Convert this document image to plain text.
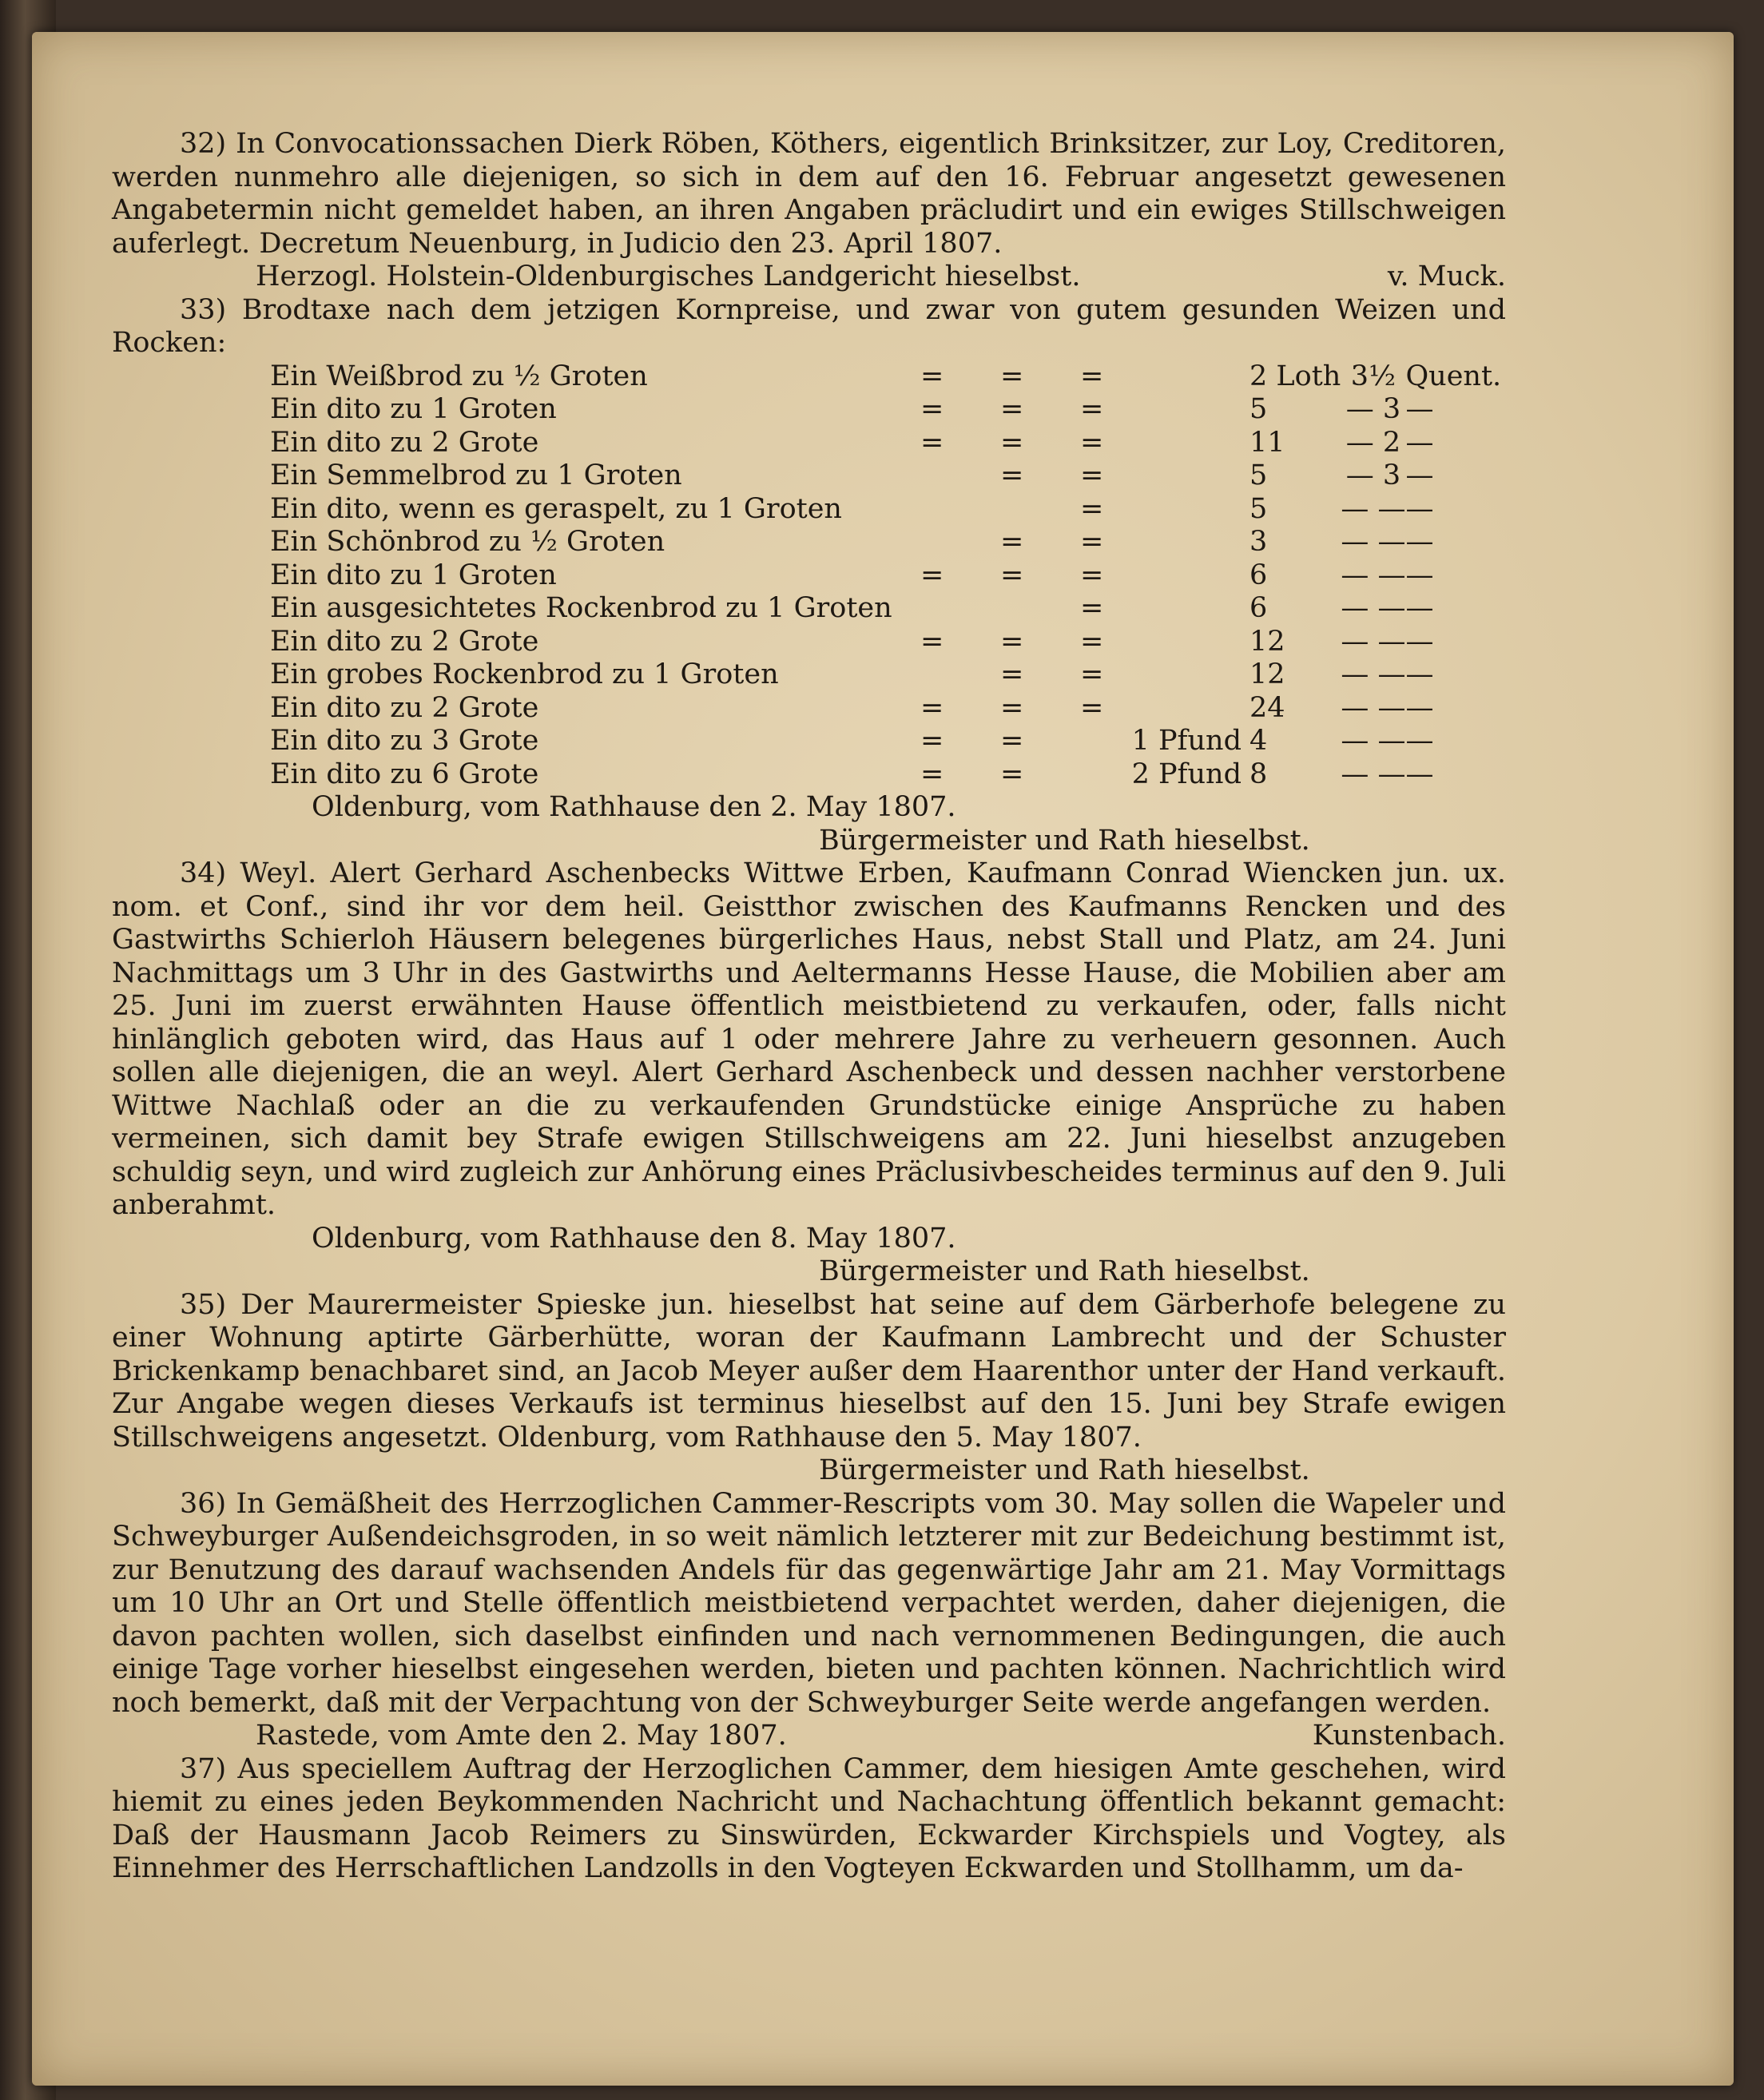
32) In Convocationssachen Dierk Röben, Köthers, eigentlich Brinksitzer, zur Loy, Creditoren, werden nunmehro alle diejenigen, so sich in dem auf den 16. Februar angesetzt gewesenen Angabetermin nicht gemeldet haben, an ihren Angaben präcludirt und ein ewiges Stillschweigen auferlegt. Decretum Neuenburg, in Judicio den 23. April 1807.

Herzogl. Holstein-Oldenburgisches Landgericht hieselbst.	v. Muck.

33) Brodtaxe nach dem jetzigen Kornpreise, und zwar von gutem gesunden Weizen und Rocken:

Ein Weißbrod zu ½ Groten	=	=	=		2 Loth	3½	Quent.
Ein dito zu 1 Groten	=	=	=		5	— 3	—
Ein dito zu 2 Grote	=	=	=		11	— 2	—
Ein Semmelbrod zu 1 Groten		=	=		5	— 3	—
Ein dito, wenn es geraspelt, zu 1 Groten			=		5	— —	—
Ein Schönbrod zu ½ Groten		=	=		3	— —	—
Ein dito zu 1 Groten	=	=	=		6	— —	—
Ein ausgesichtetes Rockenbrod zu 1 Groten			=		6	— —	—
Ein dito zu 2 Grote	=	=	=		12	— —	—
Ein grobes Rockenbrod zu 1 Groten		=	=		12	— —	—
Ein dito zu 2 Grote	=	=	=		24	— —	—
Ein dito zu 3 Grote	=	=		1 Pfund	4	— —	—
Ein dito zu 6 Grote	=	=		2 Pfund	8	— —	—
Oldenburg, vom Rathhause den 2. May 1807.
Bürgermeister und Rath hieselbst.

34) Weyl. Alert Gerhard Aschenbecks Wittwe Erben, Kaufmann Conrad Wiencken jun. ux. nom. et Conf., sind ihr vor dem heil. Geistthor zwischen des Kaufmanns Rencken und des Gastwirths Schierloh Häusern belegenes bürgerliches Haus, nebst Stall und Platz, am 24. Juni Nachmittags um 3 Uhr in des Gastwirths und Aeltermanns Hesse Hause, die Mobilien aber am 25. Juni im zuerst erwähnten Hause öffentlich meistbietend zu verkaufen, oder, falls nicht hinlänglich geboten wird, das Haus auf 1 oder mehrere Jahre zu verheuern gesonnen. Auch sollen alle diejenigen, die an weyl. Alert Gerhard Aschenbeck und dessen nachher verstorbene Wittwe Nachlaß oder an die zu verkaufenden Grundstücke einige Ansprüche zu haben vermeinen, sich damit bey Strafe ewigen Stillschweigens am 22. Juni hieselbst anzugeben schuldig seyn, und wird zugleich zur Anhörung eines Präclusivbescheides terminus auf den 9. Juli anberahmt.

Oldenburg, vom Rathhause den 8. May 1807.
Bürgermeister und Rath hieselbst.

35) Der Maurermeister Spieske jun. hieselbst hat seine auf dem Gärberhofe belegene zu einer Wohnung aptirte Gärberhütte, woran der Kaufmann Lambrecht und der Schuster Brickenkamp benachbaret sind, an Jacob Meyer außer dem Haarenthor unter der Hand verkauft. Zur Angabe wegen dieses Verkaufs ist terminus hieselbst auf den 15. Juni bey Strafe ewigen Stillschweigens angesetzt. Oldenburg, vom Rathhause den 5. May 1807.

Bürgermeister und Rath hieselbst.

36) In Gemäßheit des Herrzoglichen Cammer-Rescripts vom 30. May sollen die Wapeler und Schweyburger Außendeichsgroden, in so weit nämlich letzterer mit zur Bedeichung bestimmt ist, zur Benutzung des darauf wachsenden Andels für das gegenwärtige Jahr am 21. May Vormittags um 10 Uhr an Ort und Stelle öffentlich meistbietend verpachtet werden, daher diejenigen, die davon pachten wollen, sich daselbst einfinden und nach vernommenen Bedingungen, die auch einige Tage vorher hieselbst eingesehen werden, bieten und pachten können. Nachrichtlich wird noch bemerkt, daß mit der Verpachtung von der Schweyburger Seite werde angefangen werden.

Rastede, vom Amte den 2. May 1807.	Kunstenbach.

37) Aus speciellem Auftrag der Herzoglichen Cammer, dem hiesigen Amte geschehen, wird hiemit zu eines jeden Beykommenden Nachricht und Nachachtung öffentlich bekannt gemacht: Daß der Hausmann Jacob Reimers zu Sinswürden, Eckwarder Kirchspiels und Vogtey, als Einnehmer des Herrschaftlichen Landzolls in den Vogteyen Eckwarden und Stollhamm, um da-
